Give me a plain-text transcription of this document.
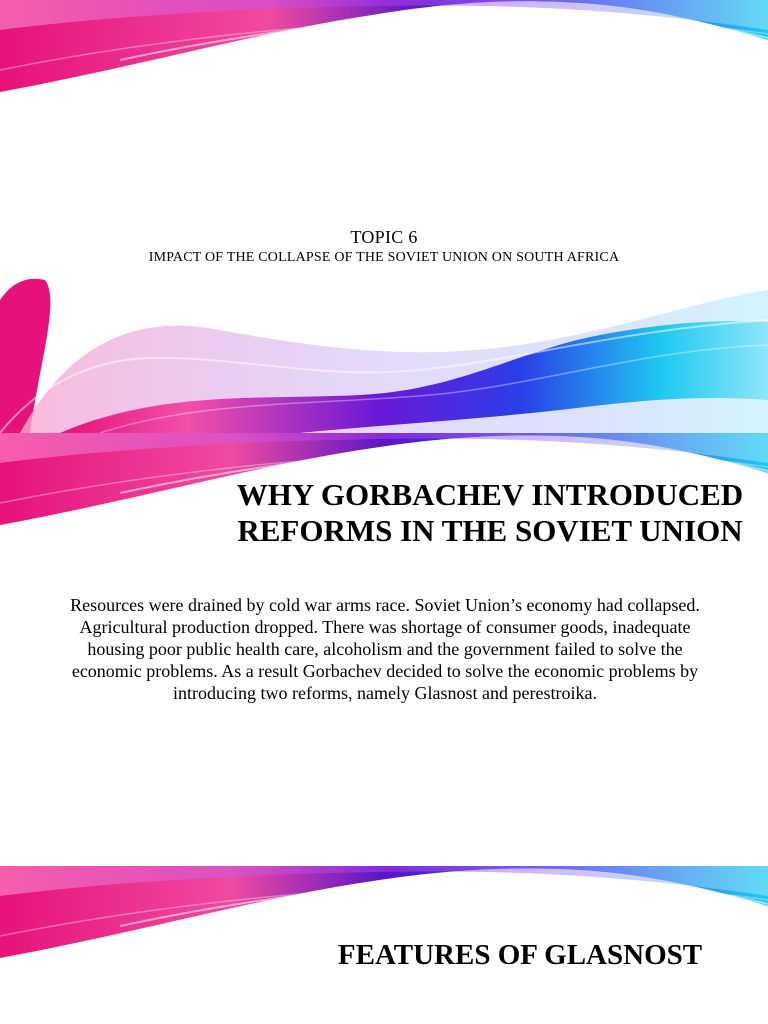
TOPIC 6
IMPACT OF THE COLLAPSE OF THE SOVIET UNION ON SOUTH AFRICA
WHY GORBACHEV INTRODUCED
REFORMS IN THE SOVIET UNION

Resources were drained by cold war arms race. Soviet Union’s economy had collapsed. Agricultural production dropped. There was shortage of consumer goods, inadequate housing poor public health care, alcoholism and the government failed to solve the economic problems. As a result Gorbachev decided to solve the economic problems by introducing two reforms, namely Glasnost and perestroika.

FEATURES OF GLASNOST
